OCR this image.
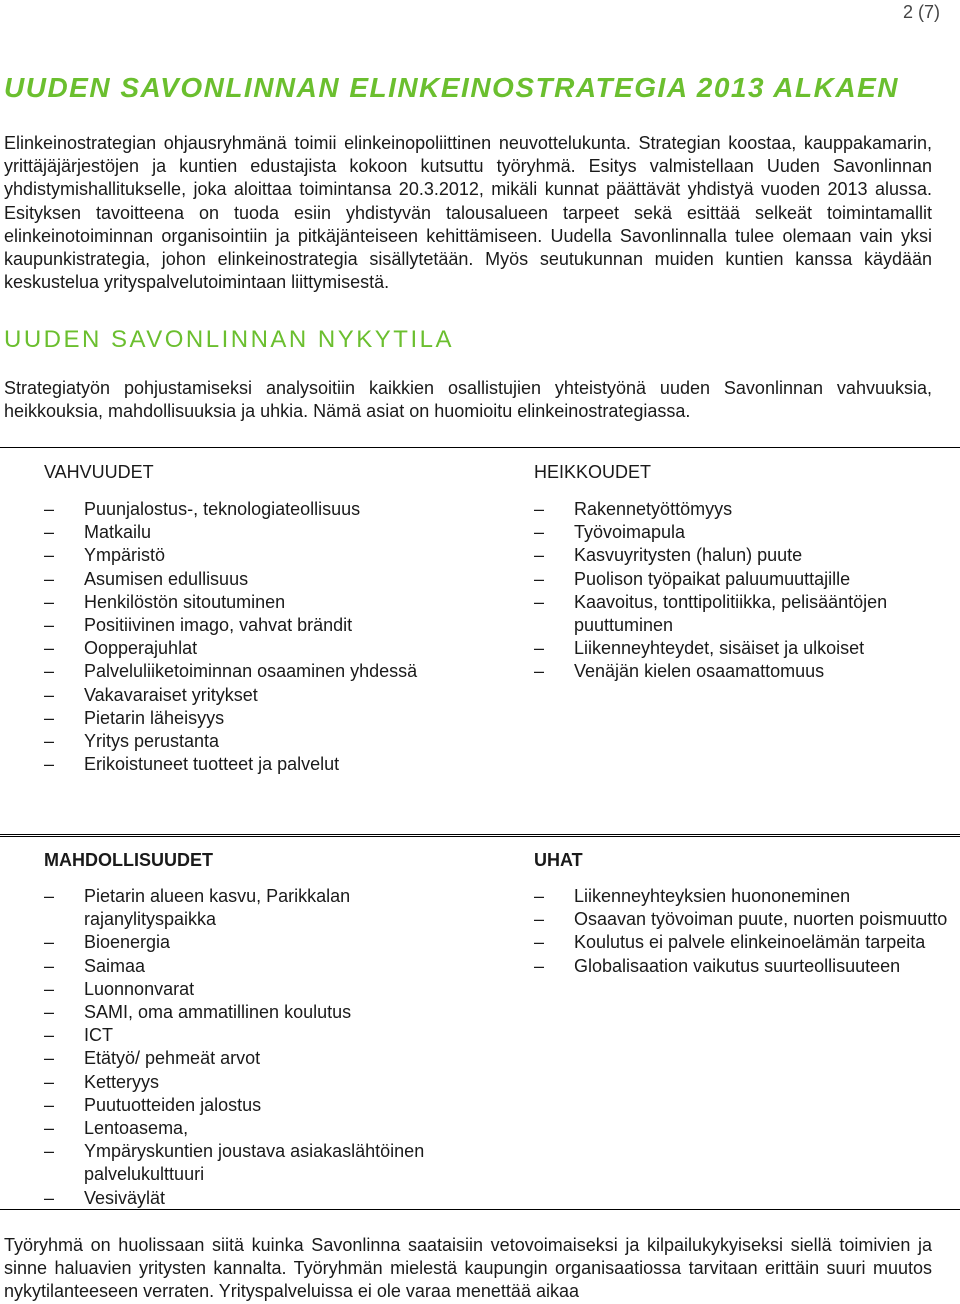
2 (7)
UUDEN SAVONLINNAN ELINKEINOSTRATEGIA 2013 ALKAEN

Elinkeinostrategian ohjausryhmänä toimii elinkeinopoliittinen neuvottelukunta. Strategian koostaa, kauppakamarin, yrittäjäjärjestöjen ja kuntien edustajista kokoon kutsuttu työryhmä. Esitys valmistellaan Uuden Savonlinnan yhdistymishallitukselle, joka aloittaa toimintansa 20.3.2012, mikäli kunnat päättävät yhdistyä vuoden 2013 alussa. Esityksen tavoitteena on tuoda esiin yhdistyvän talousalueen tarpeet sekä esittää selkeät toimintamallit elinkeinotoiminnan organisointiin ja pitkäjänteiseen kehittämiseen. Uudella Savonlinnalla tulee olemaan vain yksi kaupunkistrategia, johon elinkeinostrategia sisällytetään. Myös seutukunnan muiden kuntien kanssa käydään keskustelua yrityspalvelutoimintaan liittymisestä.

UUDEN SAVONLINNAN NYKYTILA

Strategiatyön pohjustamiseksi analysoitiin kaikkien osallistujien yhteistyönä uuden Savonlinnan vahvuuksia, heikkouksia, mahdollisuuksia ja uhkia. Nämä asiat on huomioitu elinkeinostrategiassa.

VAHVUUDET
– Puunjalostus-, teknologiateollisuus
– Matkailu
– Ympäristö
– Asumisen edullisuus
– Henkilöstön sitoutuminen
– Positiivinen imago, vahvat brändit
– Oopperajuhlat
– Palveluliiketoiminnan osaaminen yhdessä
– Vakavaraiset yritykset
– Pietarin läheisyys
– Yritys perustanta
– Erikoistuneet tuotteet ja palvelut
HEIKKOUDET
– Rakennetyöttömyys
– Työvoimapula
– Kasvuyritysten (halun) puute
– Puolison työpaikat paluumuuttajille
– Kaavoitus, tonttipolitiikka, pelisääntöjen puuttuminen
– Liikenneyhteydet, sisäiset ja ulkoiset
– Venäjän kielen osaamattomuus
MAHDOLLISUUDET
– Pietarin alueen kasvu, Parikkalan rajanylityspaikka
– Bioenergia
– Saimaa
– Luonnonvarat
– SAMI, oma ammatillinen koulutus
– ICT
– Etätyö/ pehmeät arvot
– Ketteryys
– Puutuotteiden jalostus
– Lentoasema,
– Ympäryskuntien joustava asiakaslähtöinen palvelukulttuuri
– Vesiväylät
UHAT
– Liikenneyhteyksien huononeminen
– Osaavan työvoiman puute, nuorten poismuutto
– Koulutus ei palvele elinkeinoelämän tarpeita
– Globalisaation vaikutus suurteollisuuteen

Työryhmä on huolissaan siitä kuinka Savonlinna saataisiin vetovoimaiseksi ja kilpailukykyiseksi siellä toimivien ja sinne haluavien yritysten kannalta. Työryhmän mielestä kaupungin organisaatiossa tarvitaan erittäin suuri muutos nykytilanteeseen verraten. Yrityspalveluissa ei ole varaa menettää aikaa
